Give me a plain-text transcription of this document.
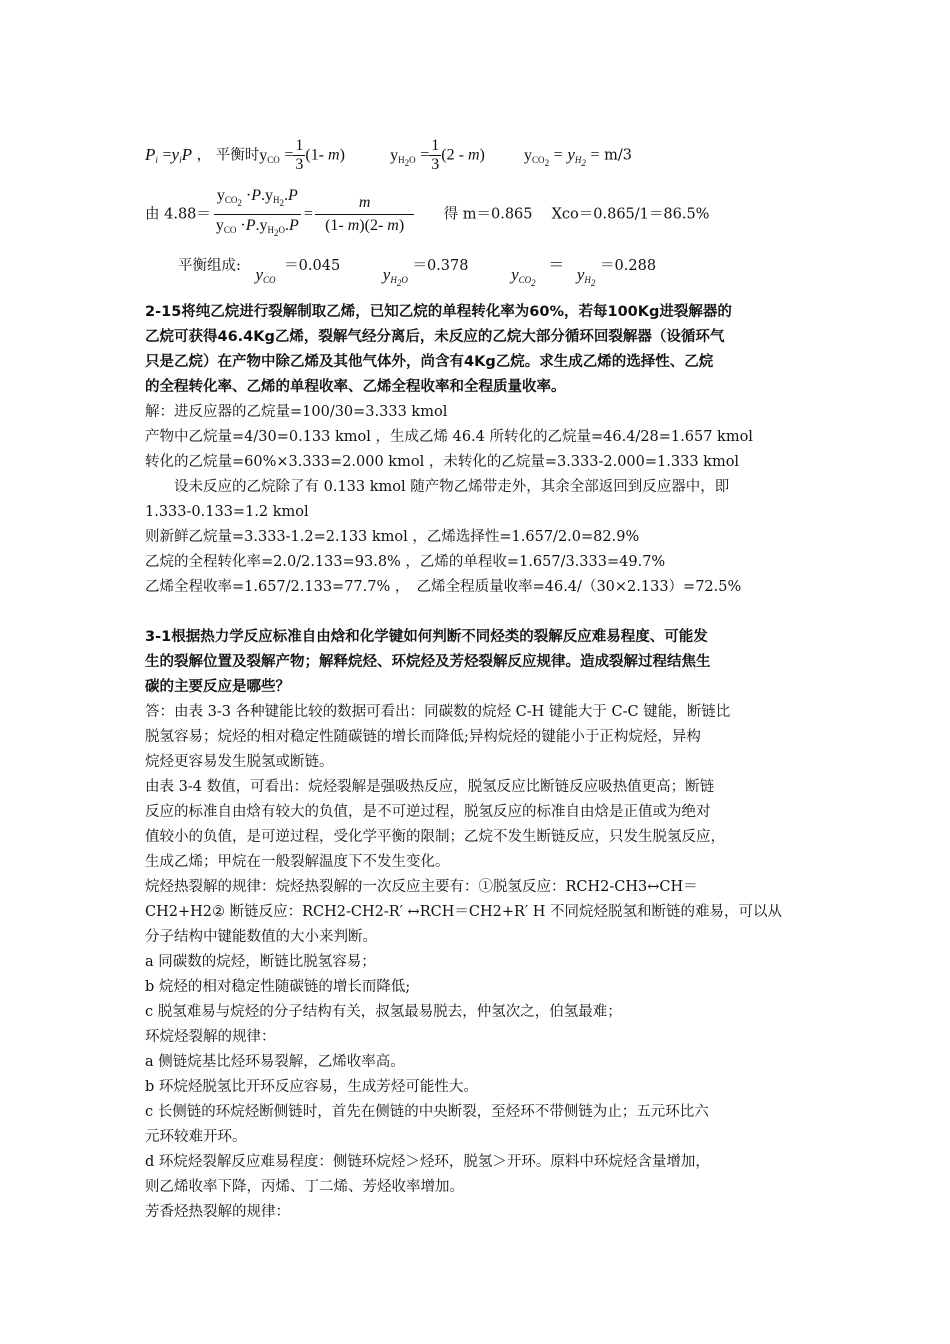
$P_i =y_iP$ ， 平衡时$y_{CO} = \frac{1}{3} (1-$ m)	$y_{H_2O} = \frac{1}{3} (2 - m) y_{CO_2} = y_{H_2} = m/3$
由 $4.88= \frac{y_{CO_2} \cdot P.y_{H_2}.P}{y_{CO} \cdot P.y_{H_2O}.P} = \frac{m}{(1- m)(2- m)}$ 得 m＝0.865　 Xco＝0.865/1＝86.5%
平衡组成: $y_{CO} =0.045$	$y_{H_2O} =0.378$	$y_{CO_2} = y_{H_2} =0.288$
2-15将纯乙烷进行裂解制取乙烯，已知乙烷的单程转化率为60%，若每100Kg进裂解器的
乙烷可获得46.4Kg乙烯，裂解气经分离后，未反应的乙烷大部分循环回裂解器（设循环气
只是乙烷）在产物中除乙烯及其他气体外，尚含有4Kg乙烷。求生成乙烯的选择性、乙烷
的全程转化率、乙烯的单程收率、乙烯全程收率和全程质量收率。
解：进反应器的乙烷量=100/30=3.333 kmol
产物中乙烷量=4/30=0.133 kmol ，生成乙烯 46.4 所转化的乙烷量=46.4/28=1.657 kmol
转化的乙烷量=60%×3.333=2.000 kmol ，未转化的乙烷量=3.333-2.000=1.333 kmol
　　设未反应的乙烷除了有 0.133 kmol 随产物乙烯带走外，其余全部返回到反应器中，即
1.333-0.133=1.2 kmol
则新鲜乙烷量=3.333-1.2=2.133 kmol ，乙烯选择性=1.657/2.0=82.9%
乙烷的全程转化率=2.0/2.133=93.8% ，乙烯的单程收=1.657/3.333=49.7%
乙烯全程收率=1.657/2.133=77.7% ，　乙烯全程质量收率=46.4/（30×2.133）=72.5%
3-1根据热力学反应标准自由焓和化学键如何判断不同烃类的裂解反应难易程度、可能发
生的裂解位置及裂解产物；解释烷烃、环烷烃及芳烃裂解反应规律。造成裂解过程结焦生
碳的主要反应是哪些？
答：由表 3-3 各种键能比较的数据可看出：同碳数的烷烃 C-H 键能大于 C-C 键能，断链比
脱氢容易；烷烃的相对稳定性随碳链的增长而降低;异构烷烃的键能小于正构烷烃，异构
烷烃更容易发生脱氢或断链。
由表 3-4 数值，可看出：烷烃裂解是强吸热反应，脱氢反应比断链反应吸热值更高；断链
反应的标准自由焓有较大的负值，是不可逆过程，脱氢反应的标准自由焓是正值或为绝对
值较小的负值，是可逆过程，受化学平衡的限制；乙烷不发生断链反应，只发生脱氢反应，
生成乙烯；甲烷在一般裂解温度下不发生变化。
烷烃热裂解的规律：烷烃热裂解的一次反应主要有：①脱氢反应：RCH2-CH3↔CH＝
CH2+H2② 断链反应：RCH2-CH2-R′ ↔RCH＝CH2+R′ H 不同烷烃脱氢和断链的难易，可以从
分子结构中键能数值的大小来判断。
a 同碳数的烷烃，断链比脱氢容易；
b 烷烃的相对稳定性随碳链的增长而降低;
c 脱氢难易与烷烃的分子结构有关，叔氢最易脱去，仲氢次之，伯氢最难；
环烷烃裂解的规律：
a 侧链烷基比烃环易裂解，乙烯收率高。
b 环烷烃脱氢比开环反应容易，生成芳烃可能性大。
c 长侧链的环烷烃断侧链时，首先在侧链的中央断裂，至烃环不带侧链为止；五元环比六
元环较难开环。
d 环烷烃裂解反应难易程度：侧链环烷烃＞烃环，脱氢＞开环。原料中环烷烃含量增加，
则乙烯收率下降，丙烯、丁二烯、芳烃收率增加。
芳香烃热裂解的规律：
